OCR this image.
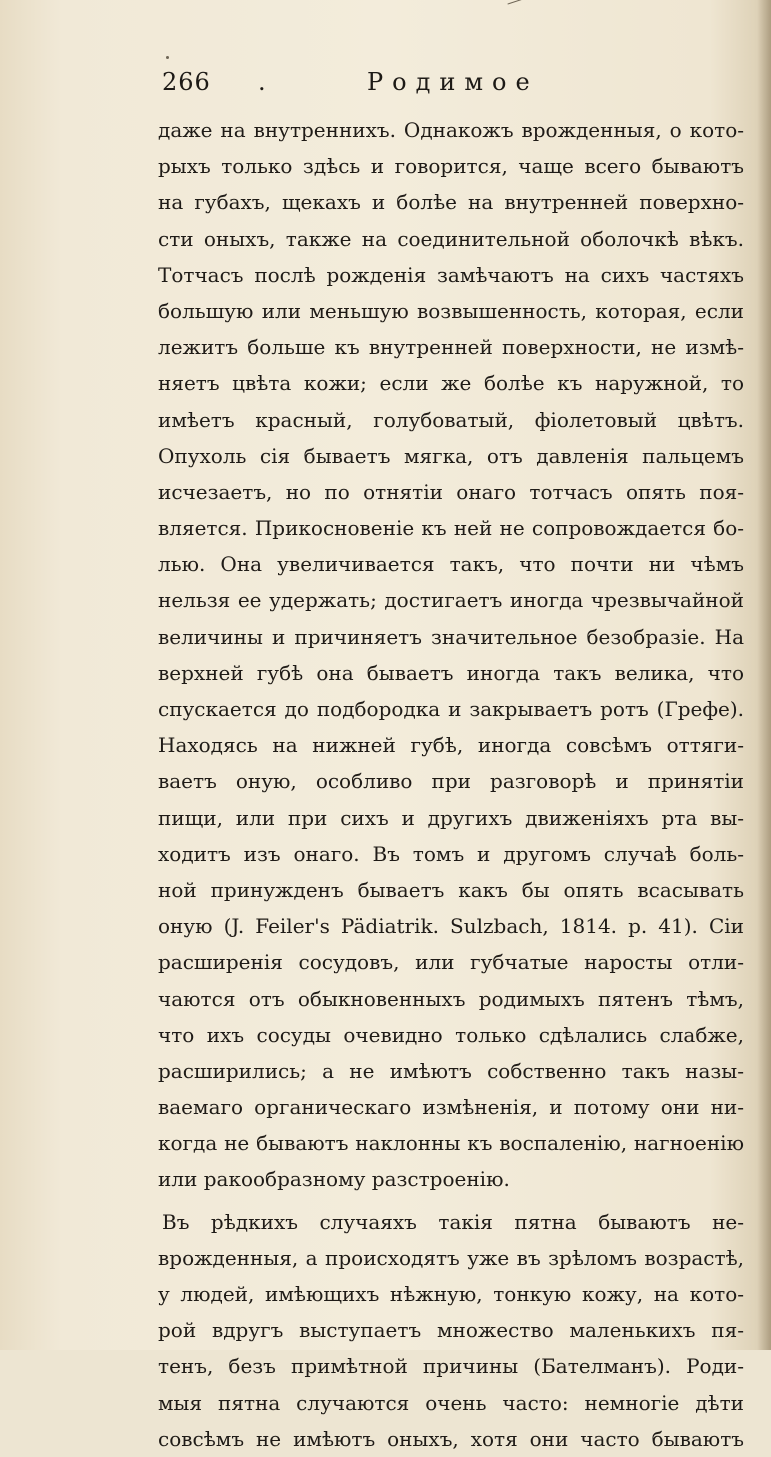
266 .	Родимое
даже на внутреннихъ. Однакожъ врожденныя, о кото-
рыхъ только здѣсь и говорится, чаще всего бываютъ
на губахъ, щекахъ и болѣе на внутренней поверхно-
сти оныхъ, также на соединительной оболочкѣ вѣкъ.
Тотчасъ послѣ рожденія замѣчаютъ на сихъ частяхъ
большую или меньшую возвышенность, которая, если
лежитъ больше къ внутренней поверхности, не измѣ-
няетъ цвѣта кожи; если же болѣе къ наружной, то
имѣетъ красный, голубоватый, фіолетовый цвѣтъ.
Опухоль сія бываетъ мягка, отъ давленія пальцемъ
исчезаетъ, но по отнятіи онаго тотчасъ опять поя-
вляется. Прикосновеніе къ ней не сопровождается бо-
лью. Она увеличивается такъ, что почти ни чѣмъ
нельзя ее удержать; достигаетъ иногда чрезвычайной
величины и причиняетъ значительное безобразіе. На
верхней губѣ она бываетъ иногда такъ велика, что
спускается до подбородка и закрываетъ ротъ (Грефе).
Находясь на нижней губѣ, иногда совсѣмъ оттяги-
ваетъ оную, особливо при разговорѣ и принятіи
пищи, или при сихъ и другихъ движеніяхъ рта вы-
ходитъ изъ онаго. Въ томъ и другомъ случаѣ боль-
ной принужденъ бываетъ какъ бы опять всасывать
оную (J. Feiler's Pädiatrik. Sulzbach, 1814. p. 41). Сіи
расширенія сосудовъ, или губчатые наросты отли-
чаются отъ обыкновенныхъ родимыхъ пятенъ тѣмъ,
что ихъ сосуды очевидно только сдѣлались слабже,
расширились; а не имѣютъ собственно такъ назы-
ваемаго органическаго измѣненія, и потому они ни-
когда не бываютъ наклонны къ воспаленію, нагноенію
или ракообразному разстроенію.
Въ рѣдкихъ случаяхъ такія пятна бываютъ не-
врожденныя, а происходятъ уже въ зрѣломъ возрастѣ,
у людей, имѣющихъ нѣжную, тонкую кожу, на кото-
рой вдругъ выступаетъ множество маленькихъ пя-
тенъ, безъ примѣтной причины (Бателманъ). Роди-
мыя пятна случаются очень часто: немногіе дѣти
совсѣмъ не имѣютъ оныхъ, хотя они часто бываютъ
